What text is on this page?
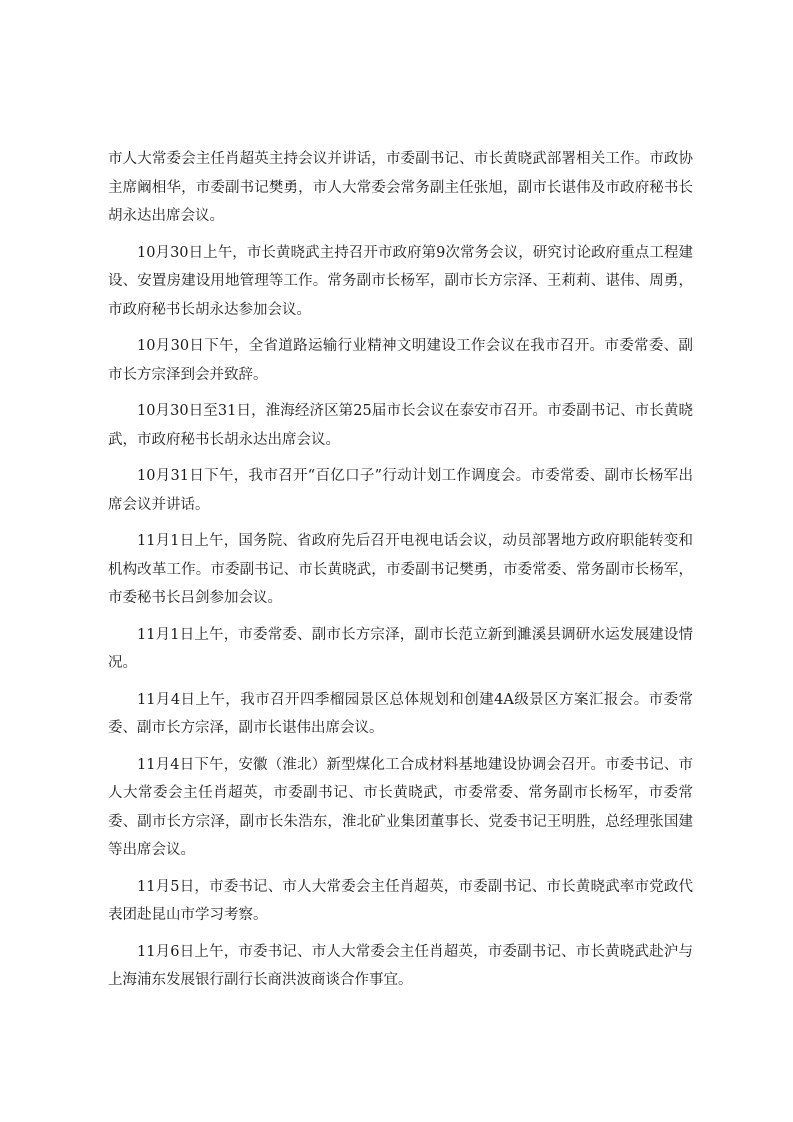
市人大常委会主任肖超英主持会议并讲话，市委副书记、市长黄晓武部署相关工作。市政协主席阚相华，市委副书记樊勇，市人大常委会常务副主任张旭，副市长谌伟及市政府秘书长胡永达出席会议。

10月30日上午，市长黄晓武主持召开市政府第9次常务会议，研究讨论政府重点工程建设、安置房建设用地管理等工作。常务副市长杨军，副市长方宗泽、王莉莉、谌伟、周勇，市政府秘书长胡永达参加会议。

10月30日下午，全省道路运输行业精神文明建设工作会议在我市召开。市委常委、副市长方宗泽到会并致辞。

10月30日至31日，淮海经济区第25届市长会议在泰安市召开。市委副书记、市长黄晓武，市政府秘书长胡永达出席会议。

10月31日下午，我市召开“百亿口子”行动计划工作调度会。市委常委、副市长杨军出席会议并讲话。

11月1日上午，国务院、省政府先后召开电视电话会议，动员部署地方政府职能转变和机构改革工作。市委副书记、市长黄晓武，市委副书记樊勇，市委常委、常务副市长杨军，市委秘书长吕剑参加会议。

11月1日上午，市委常委、副市长方宗泽，副市长范立新到濉溪县调研水运发展建设情况。

11月4日上午，我市召开四季榴园景区总体规划和创建4A级景区方案汇报会。市委常委、副市长方宗泽，副市长谌伟出席会议。

11月4日下午，安徽（淮北）新型煤化工合成材料基地建设协调会召开。市委书记、市人大常委会主任肖超英，市委副书记、市长黄晓武，市委常委、常务副市长杨军，市委常委、副市长方宗泽，副市长朱浩东，淮北矿业集团董事长、党委书记王明胜，总经理张国建等出席会议。

11月5日，市委书记、市人大常委会主任肖超英，市委副书记、市长黄晓武率市党政代表团赴昆山市学习考察。

11月6日上午，市委书记、市人大常委会主任肖超英，市委副书记、市长黄晓武赴沪与上海浦东发展银行副行长商洪波商谈合作事宜。
